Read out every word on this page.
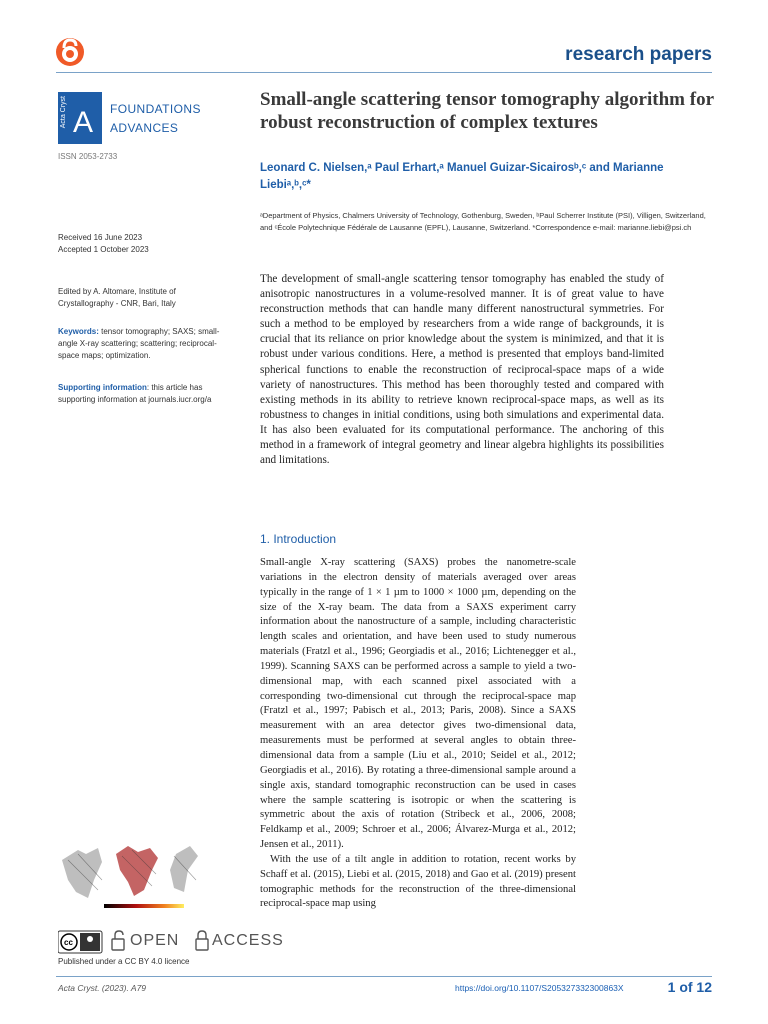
research papers
Acta Cryst A FOUNDATIONS
ADVANCES
ISSN 2053-2733
Received 16 June 2023
Accepted 1 October 2023
Edited by A. Altomare, Institute of Crystallography - CNR, Bari, Italy
Keywords: tensor tomography; SAXS; small-angle X-ray scattering; scattering; reciprocal-space maps; optimization.
Supporting information: this article has supporting information at journals.iucr.org/a
cc	OPEN ACCESS
Published under a CC BY 4.0 licence
Small-angle scattering tensor tomography algorithm for robust reconstruction of complex textures
Leonard C. Nielsen,ᵃ Paul Erhart,ᵃ Manuel Guizar-Sicairosᵇ,ᶜ and Marianne
Liebiᵃ,ᵇ,ᶜ*
ᵃDepartment of Physics, Chalmers University of Technology, Gothenburg, Sweden, ᵇPaul Scherrer Institute (PSI), Villigen, Switzerland, and ᶜÉcole Polytechnique Fédérale de Lausanne (EPFL), Lausanne, Switzerland. *Correspondence e-mail: marianne.liebi@psi.ch
The development of small-angle scattering tensor tomography has enabled the study of anisotropic nanostructures in a volume-resolved manner. It is of great value to have reconstruction methods that can handle many different nanostructural symmetries. For such a method to be employed by researchers from a wide range of backgrounds, it is crucial that its reliance on prior knowledge about the system is minimized, and that it is robust under various conditions. Here, a method is presented that employs band-limited spherical functions to enable the reconstruction of reciprocal-space maps of a wide variety of nanostructures. This method has been thoroughly tested and compared with existing methods in its ability to retrieve known reciprocal-space maps, as well as its robustness to changes in initial conditions, using both simulations and experimental data. It has also been evaluated for its computational performance. The anchoring of this method in a framework of integral geometry and linear algebra highlights its possibilities and limitations.
1. Introduction

Small-angle X-ray scattering (SAXS) probes the nanometre-scale variations in the electron density of materials averaged over areas typically in the range of 1 × 1 µm to 1000 × 1000 µm, depending on the size of the X-ray beam. The data from a SAXS experiment carry information about the nanostructure of a sample, including characteristic length scales and orientation, and have been used to study numerous materials (Fratzl et al., 1996; Georgiadis et al., 2016; Lichtenegger et al., 1999). Scanning SAXS can be performed across a sample to yield a two-dimensional map, with each scanned pixel associated with a corresponding two-dimensional cut through the reciprocal-space map (Fratzl et al., 1997; Pabisch et al., 2013; Paris, 2008). Since a SAXS measurement with an area detector gives two-dimensional data, measurements must be performed at several angles to obtain three-dimensional data from a sample (Liu et al., 2010; Seidel et al., 2012; Georgiadis et al., 2016). By rotating a three-dimensional sample around a single axis, standard tomographic reconstruction can be used in cases where the sample scattering is isotropic or when the scattering is symmetric about the axis of rotation (Stribeck et al., 2006, 2008; Feldkamp et al., 2009; Schroer et al., 2006; Álvarez-Murga et al., 2012; Jensen et al., 2011).

With the use of a tilt angle in addition to rotation, recent works by Schaff et al. (2015), Liebi et al. (2015, 2018) and Gao et al. (2019) present tomographic methods for the reconstruction of the three-dimensional reciprocal-space map using

Acta Cryst. (2023). A79	https://doi.org/10.1107/S205327332300863X	1 of 12
